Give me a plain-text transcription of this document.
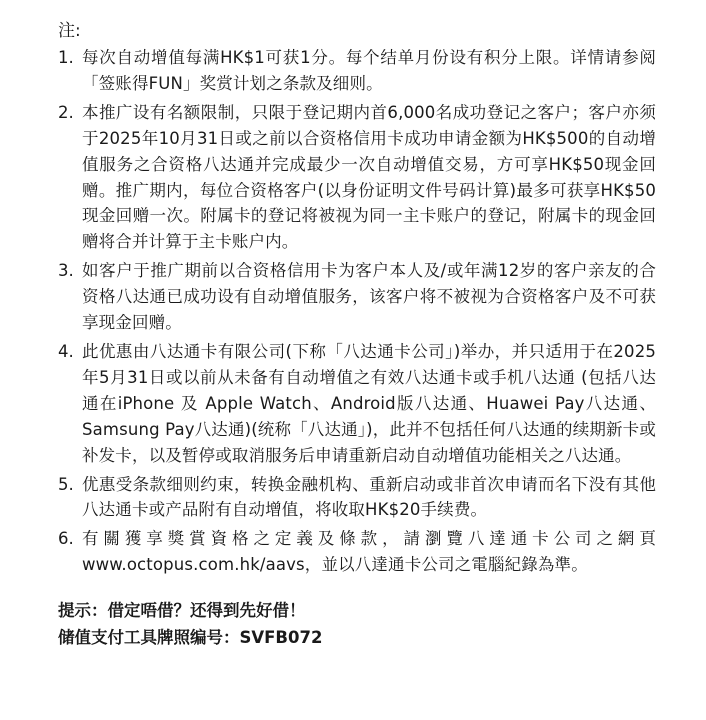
注:
1. 每次自动增值每满HK$1可获1分。每个结单月份设有积分上限。详情请参阅「签账得FUN」奖赏计划之条款及细则。
2. 本推广设有名额限制，只限于登记期内首6,000名成功登记之客户；客户亦须于2025年10月31日或之前以合资格信用卡成功申请金额为HK$500的自动增值服务之合资格八达通并完成最少一次自动增值交易，方可享HK$50现金回赠。推广期内，每位合资格客户(以身份证明文件号码计算)最多可获享HK$50现金回赠一次。附属卡的登记将被视为同一主卡账户的登记，附属卡的现金回赠将合并计算于主卡账户内。
3. 如客户于推广期前以合资格信用卡为客户本人及/或年满12岁的客户亲友的合资格八达通已成功设有自动增值服务，该客户将不被视为合资格客户及不可获享现金回赠。
4. 此优惠由八达通卡有限公司(下称「八达通卡公司」)举办，并只适用于在2025年5月31日或以前从未备有自动增值之有效八达通卡或手机八达通 (包括八达通在iPhone 及 Apple Watch、Android版八达通、Huawei Pay八达通、Samsung Pay八达通)(统称「八达通」)，此并不包括任何八达通的续期新卡或补发卡，以及暂停或取消服务后申请重新启动自动增值功能相关之八达通。
5. 优惠受条款细则约束，转换金融机构、重新启动或非首次申请而名下没有其他八达通卡或产品附有自动增值，将收取HK$20手续费。
6. 有關獲享獎賞資格之定義及條款，請瀏覽八達通卡公司之網頁www.octopus.com.hk/aavs，並以八達通卡公司之電腦紀錄為準。
提示：借定唔借？还得到先好借！
储值支付工具牌照编号：SVFB072
